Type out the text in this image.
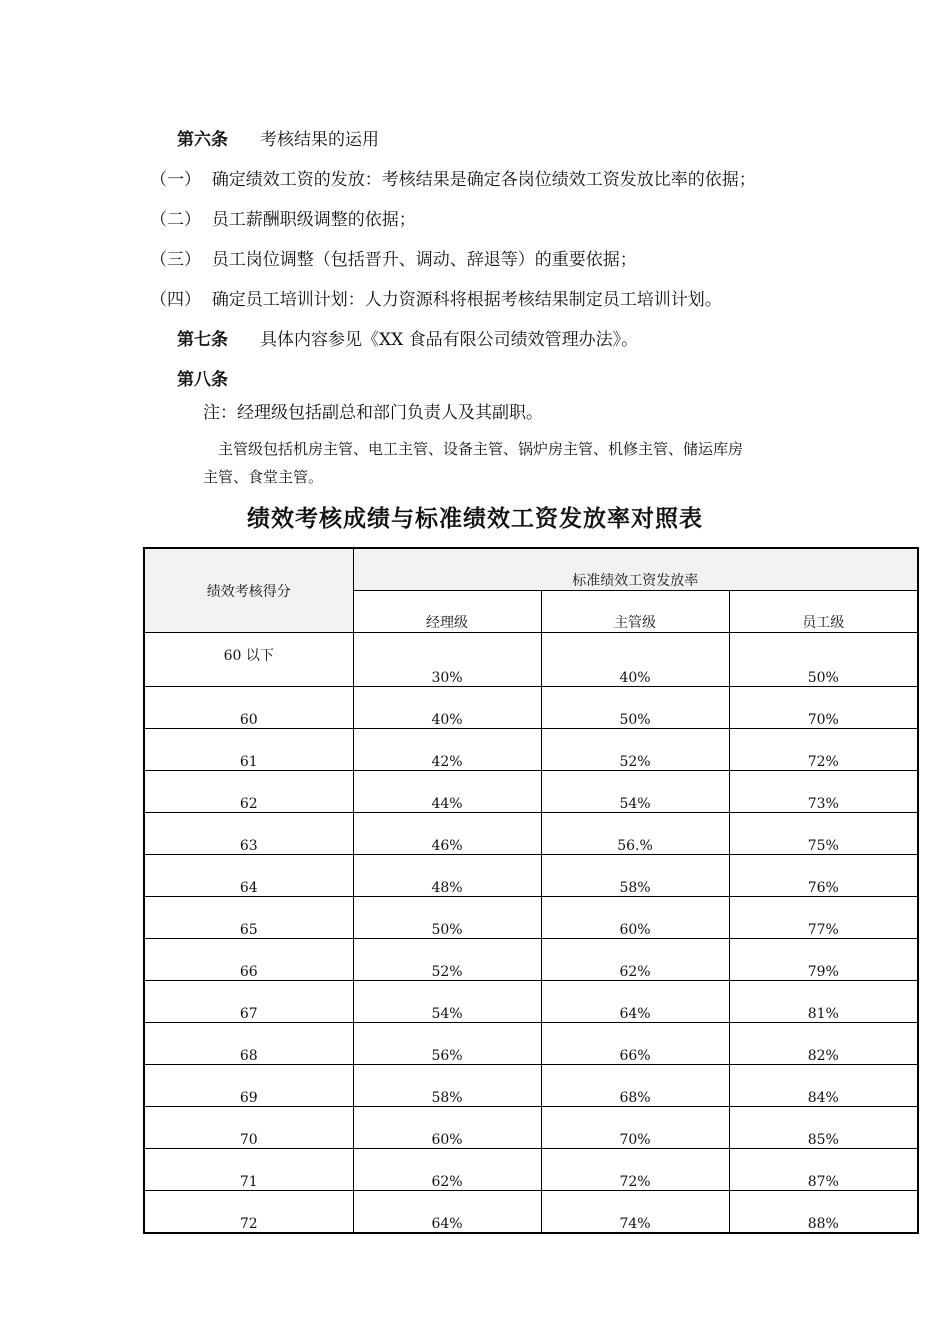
第六条 考核结果的运用
（一） 确定绩效工资的发放：考核结果是确定各岗位绩效工资发放比率的依据；
（二） 员工薪酬职级调整的依据；
（三） 员工岗位调整（包括晋升、调动、辞退等）的重要依据；
（四） 确定员工培训计划：人力资源科将根据考核结果制定员工培训计划。
第七条 具体内容参见《XX 食品有限公司绩效管理办法》。
第八条
注：经理级包括副总和部门负责人及其副职。
主管级包括机房主管、电工主管、设备主管、锅炉房主管、机修主管、储运库房
主管、食堂主管。
绩效考核成绩与标准绩效工资发放率对照表
绩效考核得分	标准绩效工资发放率		
	经理级	主管级	员工级
60 以下	30%	40%	50%
60	40%	50%	70%
61	42%	52%	72%
62	44%	54%	73%
63	46%	56.%	75%
64	48%	58%	76%
65	50%	60%	77%
66	52%	62%	79%
67	54%	64%	81%
68	56%	66%	82%
69	58%	68%	84%
70	60%	70%	85%
71	62%	72%	87%
72	64%	74%	88%
